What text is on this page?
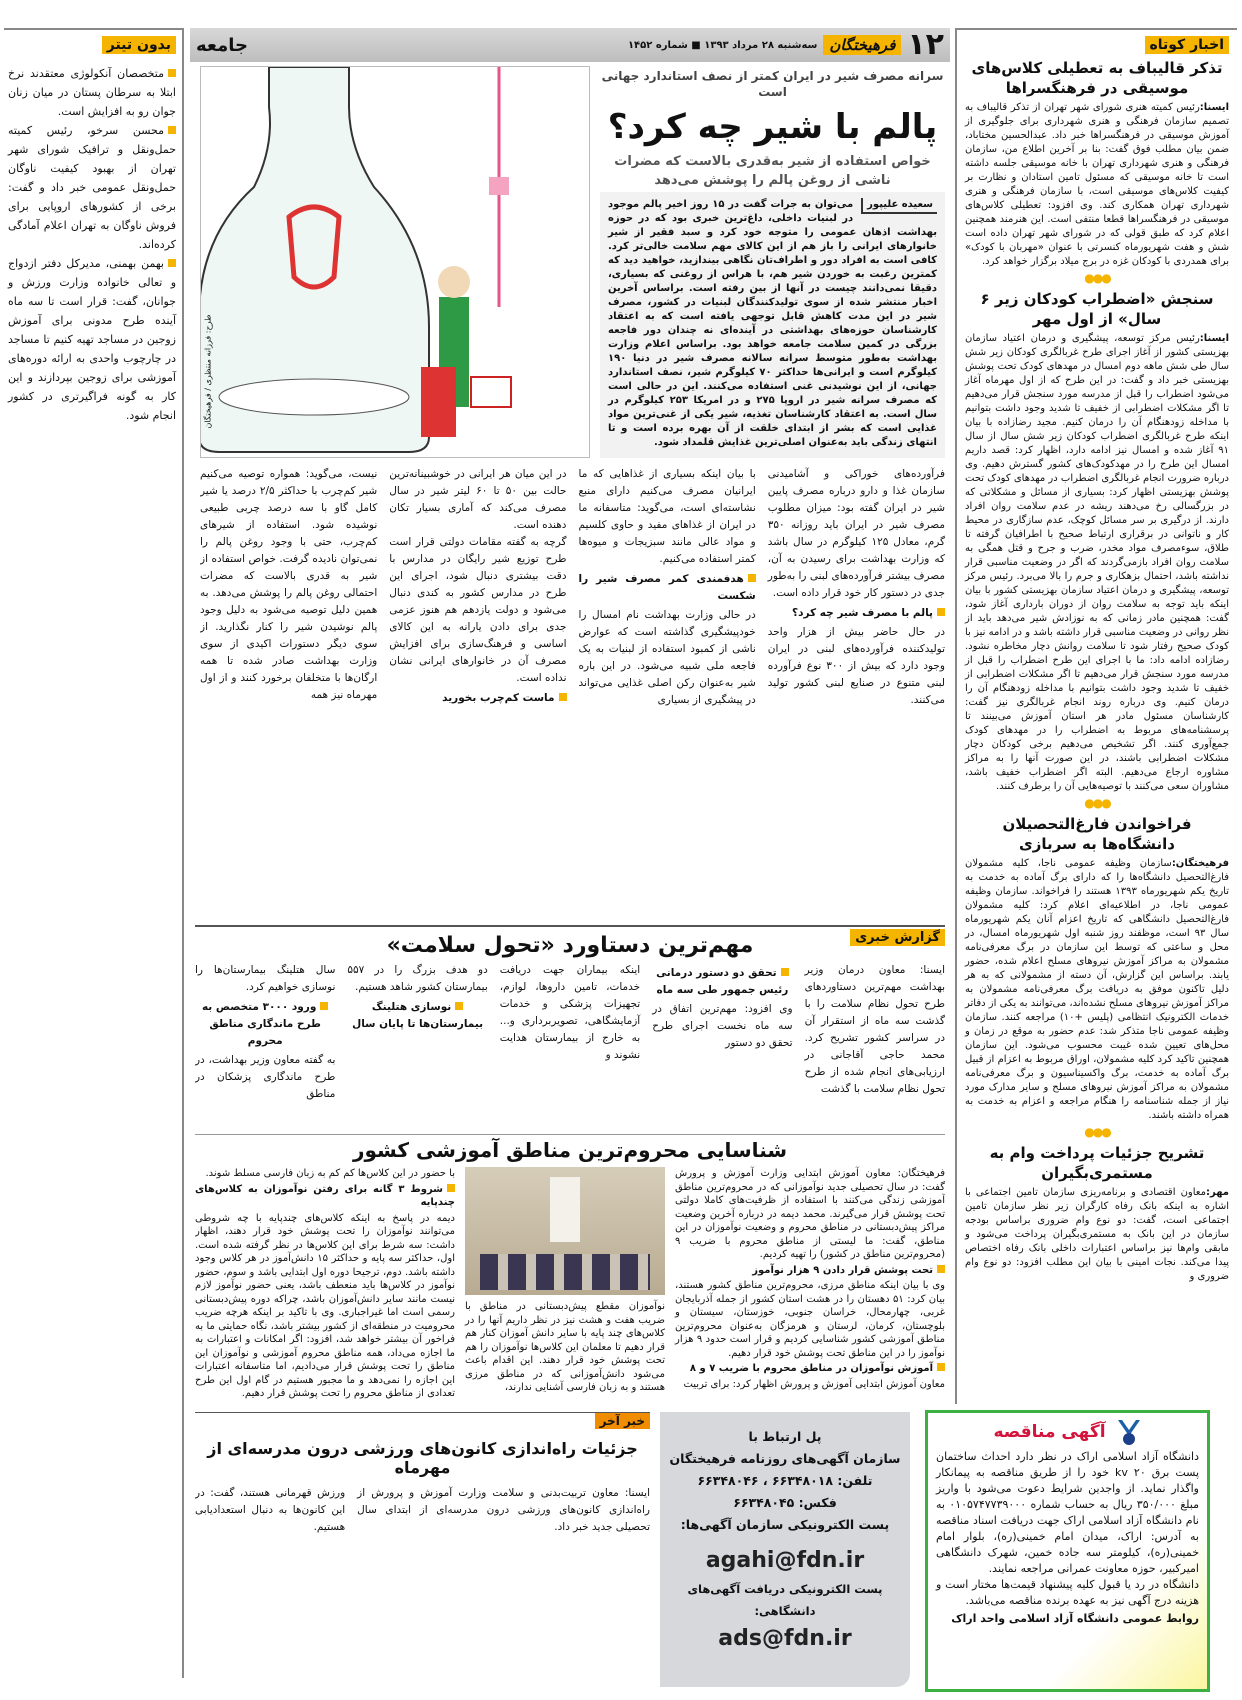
۱۲
فرهیختگان
سه‌شنبه ۲۸ مرداد ۱۳۹۳ ■ شماره ۱۴۵۲
جامعه
طرح: فرزانه منتظری / فرهیختگان
سرانه مصرف شیر در ایران کمتر از نصف استاندارد جهانی است
پالم با شیر چه کرد؟
خواص استفاده از شیر به‌قدری بالاست که مضرات ناشی از روغن پالم را پوشش می‌دهد
سعیده علیپور
می‌توان به جرات گفت در ۱۵ روز اخیر پالم موجود در لبنیات داخلی، داغ‌ترین خبری بود که در حوزه بهداشت اذهان عمومی را متوجه خود کرد و سبد فقیر از شیر خانوارهای ایرانی را باز هم از این کالای مهم سلامت خالی‌تر کرد. کافی است به افراد دور و اطراف‌تان نگاهی بیندازید، خواهید دید که کمترین رغبت به خوردن شیر هم، با هراس از روغنی که بسیاری، دقیقا نمی‌دانند چیست در آنها از بین رفته است. براساس آخرین اخبار منتشر شده از سوی تولیدکنندگان لبنیات در کشور، مصرف شیر در این مدت کاهش قابل توجهی یافته است که به اعتقاد کارشناسان حوزه‌های بهداشتی در آینده‌ای نه چندان دور فاجعه بزرگی در کمین سلامت جامعه خواهد بود. براساس اعلام وزارت بهداشت به‌طور متوسط سرانه سالانه مصرف شیر در دنیا ۱۹۰ کیلوگرم است و ایرانی‌ها حداکثر ۷۰ کیلوگرم شیر، نصف استاندارد جهانی، از این نوشیدنی غنی استفاده می‌کنند. این در حالی است که مصرف سرانه شیر در اروپا ۲۷۵ و در امریکا ۲۵۳ کیلوگرم در سال است. به اعتقاد کارشناسان تغذیه، شیر یکی از غنی‌ترین مواد غذایی است که بشر از ابتدای خلقت از آن بهره برده است و تا انتهای زندگی باید به‌عنوان اصلی‌ترین غذایش قلمداد شود.

فرآورده‌های خوراکی و آشامیدنی سازمان غذا و دارو درباره مصرف پایین شیر در ایران گفته بود: میزان مطلوب مصرف شیر در ایران باید روزانه ۳۵۰ گرم، معادل ۱۲۵ کیلوگرم در سال باشد که وزارت بهداشت برای رسیدن به آن، مصرف بیشتر فرآورده‌های لبنی را به‌طور جدی در دستور کار خود قرار داده است.

پالم با مصرف شیر چه کرد؟

در حال حاضر بیش از هزار واحد تولیدکننده فرآورده‌های لبنی در ایران وجود دارد که بیش از ۳۰۰ نوع فرآورده لبنی متنوع در صنایع لبنی کشور تولید می‌کنند.

با بیان اینکه بسیاری از غذاهایی که ما ایرانیان مصرف می‌کنیم دارای منبع نشاسته‌ای است، می‌گوید: متاسفانه ما در ایران از غذاهای مفید و حاوی کلسیم و مواد عالی مانند سبزیجات و میوه‌ها کمتر استفاده می‌کنیم.

هدفمندی کمر مصرف شیر را شکست

در حالی وزارت بهداشت نام امسال را خودپیشگیری گذاشته است که عوارض ناشی از کمبود استفاده از لبنیات به یک فاجعه ملی شبیه می‌شود. در این باره شیر به‌عنوان رکن اصلی غذایی می‌تواند در پیشگیری از بسیاری

در این میان هر ایرانی در خوشبینانه‌ترین حالت بین ۵۰ تا ۶۰ لیتر شیر در سال مصرف می‌کند که آماری بسیار تکان دهنده است.

گرچه به گفته مقامات دولتی قرار است طرح توزیع شیر رایگان در مدارس با دقت بیشتری دنبال شود، اجرای این طرح در مدارس کشور به کندی دنبال می‌شود و دولت یازدهم هم هنوز عزمی جدی برای دادن یارانه به این کالای اساسی و فرهنگ‌سازی برای افزایش مصرف آن در خانوارهای ایرانی نشان نداده است.

ماست کم‌چرب بخورید

نیست، می‌گوید: همواره توصیه می‌کنیم شیر کم‌چرب با حداکثر ۲/۵ درصد یا شیر کامل گاو با سه درصد چربی طبیعی نوشیده شود. استفاده از شیرهای کم‌چرب، حتی با وجود روغن پالم را نمی‌توان نادیده گرفت. خواص استفاده از شیر به قدری بالاست که مضرات احتمالی روغن پالم را پوشش می‌دهد. به همین دلیل توصیه می‌شود به دلیل وجود پالم نوشیدن شیر را کنار نگذارید. از سوی دیگر دستورات اکیدی از سوی وزارت بهداشت صادر شده تا همه ارگان‌ها با متخلفان برخورد کنند و از اول مهرماه نیز همه

اخبار کوتاه
تذکر قالیباف به تعطیلی کلاس‌های موسیقی در فرهنگسراها

ایسنا:رئیس کمیته هنری شورای شهر تهران از تذکر قالیباف به تصمیم سازمان فرهنگی و هنری شهرداری برای جلوگیری از آموزش موسیقی در فرهنگسراها خبر داد. عبدالحسین مختاباد، ضمن بیان مطلب فوق گفت: بنا بر آخرین اطلاع من، سازمان فرهنگی و هنری شهرداری تهران با خانه موسیقی جلسه داشته است تا خانه موسیقی که مسئول تامین استادان و نظارت بر کیفیت کلاس‌های موسیقی است، با سازمان فرهنگی و هنری شهرداری تهران همکاری کند. وی افزود: تعطیلی کلاس‌های موسیقی در فرهنگسراها قطعا منتفی است. این هنرمند همچنین اعلام کرد که طبق قولی که در شورای شهر تهران داده است شش و هفت شهریورماه کنسرتی با عنوان «مهربان با کودک» برای همدردی با کودکان غزه در برج میلاد برگزار خواهد کرد.

●●●
سنجش «اضطراب کودکان زیر ۶ سال» از اول مهر

ایسنا:رئیس مرکز توسعه، پیشگیری و درمان اعتیاد سازمان بهزیستی کشور از آغاز اجرای طرح غربالگری کودکان زیر شش سال طی شش ماهه دوم امسال در مهدهای کودک تحت پوشش بهزیستی خبر داد و گفت: در این طرح که از اول مهرماه آغاز می‌شود اضطراب را قبل از مدرسه مورد سنجش قرار می‌دهیم تا اگر مشکلات اضطرابی از خفیف تا شدید وجود داشت بتوانیم با مداخله زودهنگام آن را درمان کنیم. مجید رضازاده با بیان اینکه طرح غربالگری اضطراب کودکان زیر شش سال از سال ۹۱ آغاز شده و امسال نیز ادامه دارد، اظهار کرد: قصد داریم امسال این طرح را در مهدکودک‌های کشور گسترش دهیم. وی درباره ضرورت انجام غربالگری اضطراب در مهدهای کودک تحت پوشش بهزیستی اظهار کرد: بسیاری از مسائل و مشکلاتی که در بزرگسالی رخ می‌دهند ریشه در عدم سلامت روان افراد دارند. از درگیری بر سر مسائل کوچک، عدم سازگاری در محیط کار و ناتوانی در برقراری ارتباط صحیح با اطرافیان گرفته تا طلاق، سوءمصرف مواد مخدر، ضرب و جرح و قتل همگی به سلامت روان افراد بازمی‌گردند که اگر در وضعیت مناسبی قرار نداشته باشد، احتمال بزهکاری و جرم را بالا می‌برد. رئیس مرکز توسعه، پیشگیری و درمان اعتیاد سازمان بهزیستی کشور با بیان اینکه باید توجه به سلامت روان از دوران بارداری آغاز شود، گفت: همچنین مادر زمانی که به نوزادش شیر می‌دهد باید از نظر روانی در وضعیت مناسبی قرار داشته باشد و در ادامه نیز با کودک صحیح رفتار شود تا سلامت روانش دچار مخاطره نشود. رضازاده ادامه داد: ما با اجرای این طرح اضطراب را قبل از مدرسه مورد سنجش قرار می‌دهیم تا اگر مشکلات اضطرابی از خفیف تا شدید وجود داشت بتوانیم با مداخله زودهنگام آن را درمان کنیم. وی درباره روند انجام غربالگری نیز گفت: کارشناسان مسئول مادر هر استان آموزش می‌بینند تا پرسشنامه‌های مربوط به اضطراب را در مهدهای کودک جمع‌آوری کنند. اگر تشخیص می‌دهیم برخی کودکان دچار مشکلات اضطرابی باشند، در این صورت آنها را به مراکز مشاوره ارجاع می‌دهیم. البته اگر اضطراب خفیف باشد، مشاوران سعی می‌کنند با توصیه‌هایی آن را برطرف کنند.

●●●
فراخواندن فارغ‌التحصیلان دانشگاه‌ها به سربازی

فرهیختگان:سازمان وظیفه عمومی ناجا، کلیه مشمولان فارغ‌التحصیل دانشگاه‌ها را که دارای برگ آماده به خدمت به تاریخ یکم شهریورماه ۱۳۹۳ هستند را فراخواند. سازمان وظیفه عمومی ناجا، در اطلاعیه‌ای اعلام کرد: کلیه مشمولان فارغ‌التحصیل دانشگاهی که تاریخ اعزام آنان یکم شهریورماه سال ۹۳ است، موظفند روز شنبه اول شهریورماه امسال، در محل و ساعتی که توسط این سازمان در برگ معرفی‌نامه مشمولان به مراکز آموزش نیروهای مسلح اعلام شده، حضور یابند. براساس این گزارش، آن دسته از مشمولانی که به هر دلیل تاکنون موفق به دریافت برگ معرفی‌نامه مشمولان به مراکز آموزش نیروهای مسلح نشده‌اند، می‌توانند به یکی از دفاتر خدمات الکترونیک انتظامی (پلیس +۱۰) مراجعه کنند. سازمان وظیفه عمومی ناجا متذکر شد: عدم حضور به موقع در زمان و محل‌های تعیین شده غیبت محسوب می‌شود. این سازمان همچنین تاکید کرد کلیه مشمولان، اوراق مربوط به اعزام از قبیل برگ آماده به خدمت، برگ واکسیناسیون و برگ معرفی‌نامه مشمولان به مراکز آموزش نیروهای مسلح و سایر مدارک مورد نیاز از جمله شناسنامه را هنگام مراجعه و اعزام به خدمت به همراه داشته باشند.

●●●
تشریح جزئیات پرداخت وام به مستمری‌بگیران

مهر:معاون اقتصادی و برنامه‌ریزی سازمان تامین اجتماعی با اشاره به اینکه بانک رفاه کارگران زیر نظر سازمان تامین اجتماعی است، گفت: دو نوع وام ضروری براساس بودجه سازمان در این بانک به مستمری‌بگیران پرداخت می‌شود و مابقی وام‌ها نیز براساس اعتبارات داخلی بانک رفاه اختصاص پیدا می‌کند. نجات امینی با بیان این مطلب افزود: دو نوع وام ضروری و

بدون تیتر

متخصصان آنکولوژی معتقدند نرخ ابتلا به سرطان پستان در میان زنان جوان رو به افزایش است.

محسن سرخو، رئیس کمیته حمل‌ونقل و ترافیک شورای شهر تهران از بهبود کیفیت ناوگان حمل‌ونقل عمومی خبر داد و گفت: برخی از کشورهای اروپایی برای فروش ناوگان به تهران اعلام آمادگی کرده‌اند.

بهمن بهمنی، مدیرکل دفتر ازدواج و تعالی خانواده وزارت ورزش و جوانان، گفت: قرار است تا سه ماه آینده طرح مدونی برای آموزش زوجین در مساجد تهیه کنیم تا مساجد در چارچوب واحدی به ارائه دوره‌های آموزشی برای زوجین بپردازند و این کار به گونه فراگیرتری در کشور انجام شود.

گزارش خبری
مهم‌ترین دستاورد «تحول سلامت»

ایسنا: معاون درمان وزیر بهداشت مهم‌ترین دستاوردهای طرح تحول نظام سلامت را با گذشت سه ماه از استقرار آن در سراسر کشور تشریح کرد. محمد حاجی آقاجانی در ارزیابی‌های انجام شده از طرح تحول نظام سلامت با گذشت

تحقق دو دستور درمانی رئیس جمهور طی سه ماه

وی افزود: مهم‌ترین اتفاق در سه ماه نخست اجرای طرح تحقق دو دستور

اینکه بیماران جهت دریافت خدمات، تامین داروها، لوازم، تجهیزات پزشکی و خدمات آزمایشگاهی، تصویربرداری و... به خارج از بیمارستان هدایت نشوند و

دو هدف بزرگ را در ۵۵۷ بیمارستان کشور شاهد هستیم.

نوسازی هتلینگ بیمارستان‌ها تا پایان سال

سال هتلینگ بیمارستان‌ها را نوسازی خواهیم کرد.

ورود ۳۰۰۰ متخصص به طرح ماندگاری مناطق محروم

به گفته معاون وزیر بهداشت، در طرح ماندگاری پزشکان در مناطق

شناسایی محروم‌ترین مناطق آموزشی کشور

فرهیختگان: معاون آموزش ابتدایی وزارت آموزش و پرورش گفت: در سال تحصیلی جدید نوآموزانی که در محروم‌ترین مناطق آموزشی زندگی می‌کنند با استفاده از ظرفیت‌های کاملا دولتی تحت پوشش قرار می‌گیرند. محمد دیمه در درباره آخرین وضعیت مراکز پیش‌دبستانی در مناطق محروم و وضعیت نوآموزان در این مناطق، گفت: ما لیستی از مناطق محروم با ضریب ۹ (محروم‌ترین مناطق در کشور) را تهیه کردیم.

تحت پوشش قرار دادن ۹ هزار نوآموز

وی با بیان اینکه مناطق مرزی، محروم‌ترین مناطق کشور هستند، بیان کرد: ۵۱ دهستان را در هشت استان کشور از جمله آذربایجان غربی، چهارمحال، خراسان جنوبی، خوزستان، سیستان و بلوچستان، کرمان، لرستان و هرمزگان به‌عنوان محروم‌ترین مناطق آموزشی کشور شناسایی کردیم و قرار است حدود ۹ هزار نوآموز را در این مناطق تحت پوشش خود قرار دهیم.

آموزش نوآموزان در مناطق محروم با ضریب ۷ و ۸

معاون آموزش ابتدایی آموزش و پرورش اظهار کرد: برای تربیت

نوآموزان مقطع پیش‌دبستانی در مناطق با ضریب هفت و هشت نیز در نظر داریم آنها را در کلاس‌های چند پایه با سایر دانش آموزان کنار هم قرار دهیم تا معلمان این کلاس‌ها نوآموزان را هم تحت پوشش خود قرار دهند. این اقدام باعث می‌شود دانش‌آموزانی که در مناطق مرزی هستند و به زبان فارسی آشنایی ندارند،

با حضور در این کلاس‌ها کم کم به زبان فارسی مسلط شوند.

شروط ۳ گانه برای رفتن نوآموزان به کلاس‌های چندپایه

دیمه در پاسخ به اینکه کلاس‌های چندپایه با چه شروطی می‌توانند نوآموزان را تحت پوشش خود قرار دهند، اظهار داشت: سه شرط برای این کلاس‌ها در نظر گرفته شده است. اول، حداکثر سه پایه و حداکثر ۱۵ دانش‌آموز در هر کلاس وجود داشته باشد. دوم، ترجیحا دوره اول ابتدایی باشد و سوم، حضور نوآموز در کلاس‌ها باید منعطف باشد، یعنی حضور نوآموز لازم نیست مانند سایر دانش‌آموزان باشد، چراکه دوره پیش‌دبستانی رسمی است اما غیراجباری. وی با تاکید بر اینکه هرچه ضریب محرومیت در منطقه‌ای از کشور بیشتر باشد، نگاه حمایتی ما به فراخور آن بیشتر خواهد شد، افزود: اگر امکانات و اعتبارات به ما اجازه می‌داد، همه مناطق محروم آموزشی و نوآموزان این مناطق را تحت پوشش قرار می‌دادیم، اما متاسفانه اعتبارات این اجازه را نمی‌دهد و ما مجبور هستیم در گام اول این طرح تعدادی از مناطق محروم را تحت پوشش قرار دهیم.

خبر آخر
جزئیات راه‌اندازی کانون‌های ورزشی درون مدرسه‌ای از مهرماه

ایسنا: معاون تربیت‌بدنی و سلامت وزارت آموزش و پرورش از راه‌اندازی کانون‌های ورزشی درون مدرسه‌ای از ابتدای سال تحصیلی جدید خبر داد.

ورزش قهرمانی هستند، گفت: در این کانون‌ها به دنبال استعدادیابی هستیم.

پل ارتباط با
سازمان آگهی‌های روزنامه فرهیختگان
تلفن: ۶۶۳۴۸۰۱۸ ، ۶۶۳۴۸۰۴۶
فکس: ۶۶۳۴۸۰۴۵
پست الکترونیکی سازمان آگهی‌ها:
agahi@fdn.ir
پست الکترونیکی دریافت آگهی‌های دانشگاهی:
ads@fdn.ir
آگهی مناقصه

دانشگاه آزاد اسلامی اراک در نظر دارد احداث ساختمان پست برق ۲۰ kv خود را از طریق مناقصه به پیمانکار واگذار نماید. از واجدین شرایط دعوت می‌شود با واریز مبلغ ۳۵۰/۰۰۰ ریال به حساب شماره ۰۱۰۵۷۴۷۷۳۹۰۰۰ به نام دانشگاه آزاد اسلامی اراک جهت دریافت اسناد مناقصه به آدرس: اراک، میدان امام خمینی(ره)، بلوار امام خمینی(ره)، کیلومتر سه جاده خمین، شهرک دانشگاهی امیرکبیر، حوزه معاونت عمرانی مراجعه نمایند.

دانشگاه در رد یا قبول کلیه پیشنهاد قیمت‌ها مختار است و هزینه درج آگهی نیز به عهده برنده مناقصه می‌باشد.

روابط عمومی دانشگاه آزاد اسلامی واحد اراک
